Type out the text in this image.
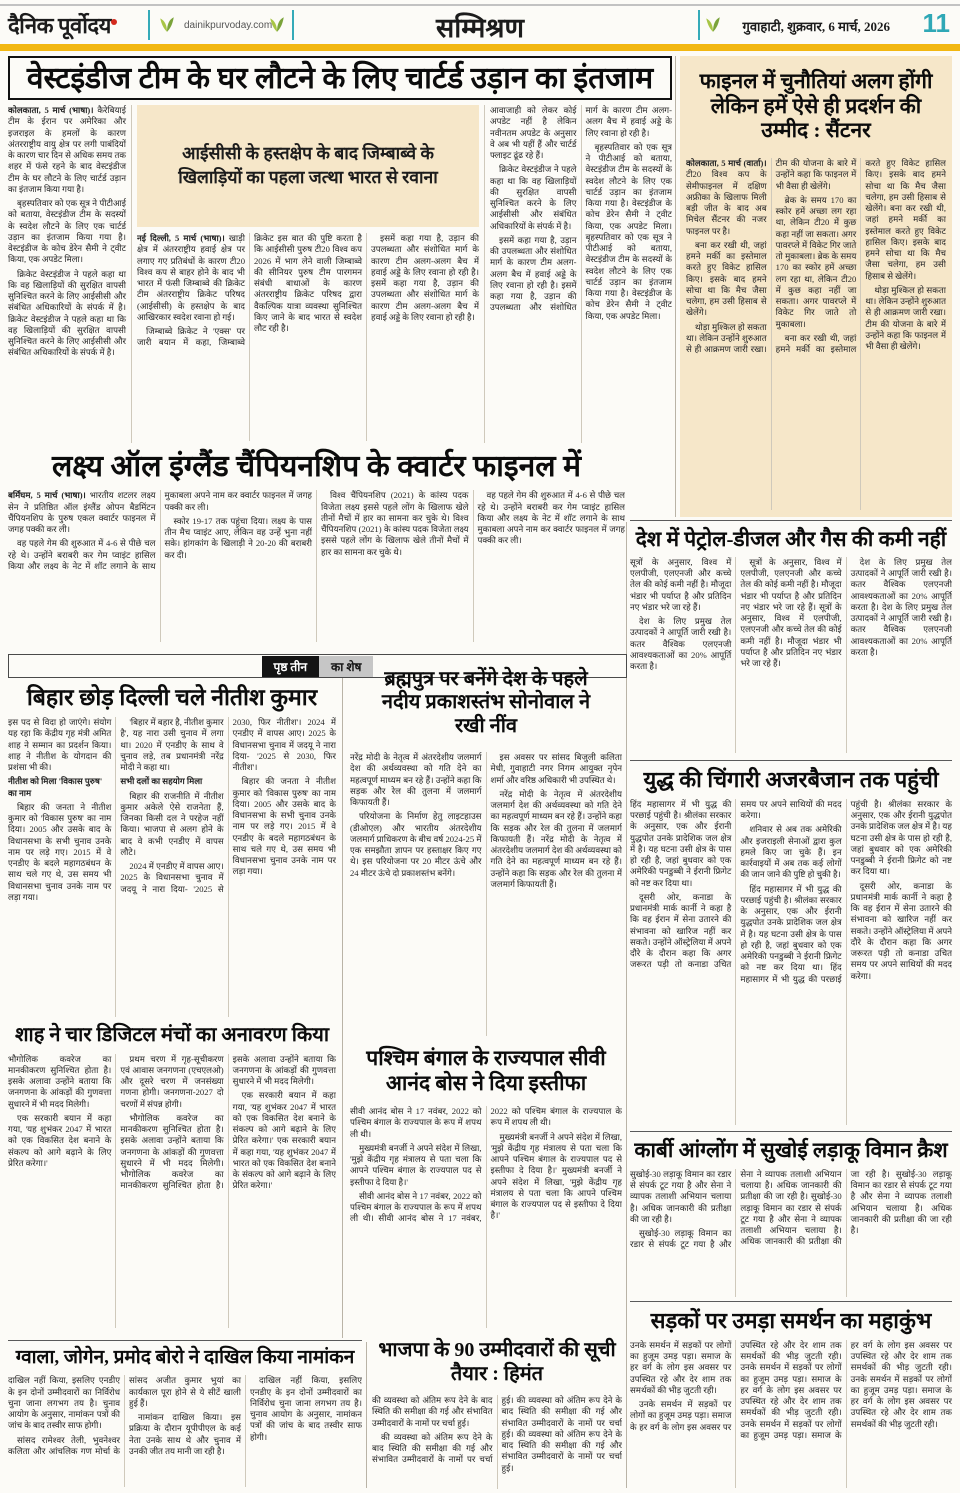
दैनिक पूर्वोदय	dainikpurvoday.com	सम्मिश्रण	गुवाहाटी, शुक्रवार, 6 मार्च, 2026 11
वेस्टइंडीज टीम के घर लौटने के लिए चार्टर्ड उड़ान का इंतजाम

कोलकाता, 5 मार्च (भाषा)। कैरेबियाई टीम के ईरान पर अमेरिका और इजराइल के हमलों के कारण अंतरराष्ट्रीय वायु क्षेत्र पर लगी पाबंदियों के कारण चार दिन से अधिक समय तक शहर में फंसे रहने के बाद वेस्टइंडीज टीम के घर लौटने के लिए चार्टर्ड उड़ान का इंतजाम किया गया है।

बृहस्पतिवार को एक सूत्र ने पीटीआई को बताया, वेस्टइंडीज टीम के सदस्यों के स्वदेश लौटने के लिए एक चार्टर्ड उड़ान का इंतजाम किया गया है। वेस्टइंडीज के कोच डेरेन सैमी ने ट्वीट किया, एक अपडेट मिला।

क्रिकेट वेस्टइंडीज ने पहले कहा था कि वह खिलाड़ियों की सुरक्षित वापसी सुनिश्चित करने के लिए आईसीसी और संबंधित अधिकारियों के संपर्क में है। क्रिकेट वेस्टइंडीज ने पहले कहा था कि वह खिलाड़ियों की सुरक्षित वापसी सुनिश्चित करने के लिए आईसीसी और संबंधित अधिकारियों के संपर्क में है।

आईसीसी के हस्तक्षेप के बाद जिम्बाब्वे के खिलाड़ियों का पहला जत्था भारत से रवाना

नई दिल्ली, 5 मार्च (भाषा)। खाड़ी क्षेत्र में अंतरराष्ट्रीय हवाई क्षेत्र पर लगाए गए प्रतिबंधों के कारण टी20 विश्व कप से बाहर होने के बाद भी भारत में फंसी जिम्बाब्वे की क्रिकेट टीम अंतरराष्ट्रीय क्रिकेट परिषद (आईसीसी) के हस्तक्षेप के बाद आखिरकार स्वदेश रवाना हो गई।

जिम्बाब्वे क्रिकेट ने 'एक्स' पर जारी बयान में कहा, जिम्बाब्वे क्रिकेट इस बात की पुष्टि करता है कि आईसीसी पुरुष टी20 विश्व कप 2026 में भाग लेने वाली जिम्बाब्वे की सीनियर पुरुष टीम पारगमन संबंधी बाधाओं के कारण अंतरराष्ट्रीय क्रिकेट परिषद द्वारा वैकल्पिक यात्रा व्यवस्था सुनिश्चित किए जाने के बाद भारत से स्वदेश लौट रही है।

इसमें कहा गया है, उड़ान की उपलब्धता और संशोधित मार्ग के कारण टीम अलग-अलग बैच में हवाई अड्डे के लिए रवाना हो रही है। इसमें कहा गया है, उड़ान की उपलब्धता और संशोधित मार्ग के कारण टीम अलग-अलग बैच में हवाई अड्डे के लिए रवाना हो रही है।

आवाजाही को लेकर कोई अपडेट नहीं है लेकिन नवीनतम अपडेट के अनुसार वे अब भी यहीं हैं और चार्टर्ड फ्लाइट ढूंढ रहे हैं।

क्रिकेट वेस्टइंडीज ने पहले कहा था कि वह खिलाड़ियों की सुरक्षित वापसी सुनिश्चित करने के लिए आईसीसी और संबंधित अधिकारियों के संपर्क में है।

इसमें कहा गया है, उड़ान की उपलब्धता और संशोधित मार्ग के कारण टीम अलग-अलग बैच में हवाई अड्डे के लिए रवाना हो रही है। इसमें कहा गया है, उड़ान की उपलब्धता और संशोधित मार्ग के कारण टीम अलग-अलग बैच में हवाई अड्डे के लिए रवाना हो रही है।

बृहस्पतिवार को एक सूत्र ने पीटीआई को बताया, वेस्टइंडीज टीम के सदस्यों के स्वदेश लौटने के लिए एक चार्टर्ड उड़ान का इंतजाम किया गया है। वेस्टइंडीज के कोच डेरेन सैमी ने ट्वीट किया, एक अपडेट मिला। बृहस्पतिवार को एक सूत्र ने पीटीआई को बताया, वेस्टइंडीज टीम के सदस्यों के स्वदेश लौटने के लिए एक चार्टर्ड उड़ान का इंतजाम किया गया है। वेस्टइंडीज के कोच डेरेन सैमी ने ट्वीट किया, एक अपडेट मिला।

फाइनल में चुनौतियां अलग होंगी लेकिन हमें ऐसे ही प्रदर्शन की उम्मीद : सैंटनर

कोलकाता, 5 मार्च (वार्ता)। टी20 विश्व कप के सेमीफाइनल में दक्षिण अफ्रीका के खिलाफ मिली बड़ी जीत के बाद अब मिचेल सैंटनर की नजर फाइनल पर है।

बना कर रखी थी, जहां हमने मर्की का इस्तेमाल करते हुए विकेट हासिल किए। इसके बाद हमने सोचा था कि मैच जैसा चलेगा, हम उसी हिसाब से खेलेंगे।

थोड़ा मुश्किल हो सकता था। लेकिन उन्होंने शुरुआत से ही आक्रमण जारी रखा। टीम की योजना के बारे में उन्होंने कहा कि फाइनल में भी वैसा ही खेलेंगे।

ब्रेक के समय 170 का स्कोर हमें अच्छा लग रहा था, लेकिन टी20 में कुछ कहा नहीं जा सकता। अगर पावरप्ले में विकेट गिर जाते तो मुकाबला। ब्रेक के समय 170 का स्कोर हमें अच्छा लग रहा था, लेकिन टी20 में कुछ कहा नहीं जा सकता। अगर पावरप्ले में विकेट गिर जाते तो मुकाबला।

बना कर रखी थी, जहां हमने मर्की का इस्तेमाल करते हुए विकेट हासिल किए। इसके बाद हमने सोचा था कि मैच जैसा चलेगा, हम उसी हिसाब से खेलेंगे। बना कर रखी थी, जहां हमने मर्की का इस्तेमाल करते हुए विकेट हासिल किए। इसके बाद हमने सोचा था कि मैच जैसा चलेगा, हम उसी हिसाब से खेलेंगे।

थोड़ा मुश्किल हो सकता था। लेकिन उन्होंने शुरुआत से ही आक्रमण जारी रखा। टीम की योजना के बारे में उन्होंने कहा कि फाइनल में भी वैसा ही खेलेंगे।

लक्ष्य ऑल इंग्लैंड चैंपियनशिप के क्वार्टर फाइनल में

बर्मिंघम, 5 मार्च (भाषा)। भारतीय शटलर लक्ष्य सेन ने प्रतिष्ठित ऑल इंग्लैंड ओपन बैडमिंटन चैंपियनशिप के पुरुष एकल क्वार्टर फाइनल में जगह पक्की कर ली।

वह पहले गेम की शुरुआत में 4-6 से पीछे चल रहे थे। उन्होंने बराबरी कर गेम प्वाइंट हासिल किया और लक्ष्य के नेट में शॉट लगाने के साथ मुकाबला अपने नाम कर क्वार्टर फाइनल में जगह पक्की कर ली।

स्कोर 19-17 तक पहुंचा दिया। लक्ष्य के पास तीन मैच प्वाइंट आए, लेकिन वह उन्हें भुना नहीं सके। हांगकांग के खिलाड़ी ने 20-20 की बराबरी कर दी।

विश्व चैंपियनशिप (2021) के कांस्य पदक विजेता लक्ष्य इससे पहले लोंग के खिलाफ खेले तीनों मैचों में हार का सामना कर चुके थे। विश्व चैंपियनशिप (2021) के कांस्य पदक विजेता लक्ष्य इससे पहले लोंग के खिलाफ खेले तीनों मैचों में हार का सामना कर चुके थे।

वह पहले गेम की शुरुआत में 4-6 से पीछे चल रहे थे। उन्होंने बराबरी कर गेम प्वाइंट हासिल किया और लक्ष्य के नेट में शॉट लगाने के साथ मुकाबला अपने नाम कर क्वार्टर फाइनल में जगह पक्की कर ली।	देश में पेट्रोल-डीजल और गैस की कमी नहीं

सूत्रों के अनुसार, विश्व में एलपीजी, एलएनजी और कच्चे तेल की कोई कमी नहीं है। मौजूदा भंडार भी पर्याप्त है और प्रतिदिन नए भंडार भरे जा रहे हैं।

देश के लिए प्रमुख तेल उत्पादकों ने आपूर्ति जारी रखी है। कतर वैश्विक एलएनजी आवश्यकताओं का 20% आपूर्ति करता है।

सूत्रों के अनुसार, विश्व में एलपीजी, एलएनजी और कच्चे तेल की कोई कमी नहीं है। मौजूदा भंडार भी पर्याप्त है और प्रतिदिन नए भंडार भरे जा रहे हैं। सूत्रों के अनुसार, विश्व में एलपीजी, एलएनजी और कच्चे तेल की कोई कमी नहीं है। मौजूदा भंडार भी पर्याप्त है और प्रतिदिन नए भंडार भरे जा रहे हैं।

देश के लिए प्रमुख तेल उत्पादकों ने आपूर्ति जारी रखी है। कतर वैश्विक एलएनजी आवश्यकताओं का 20% आपूर्ति करता है। देश के लिए प्रमुख तेल उत्पादकों ने आपूर्ति जारी रखी है। कतर वैश्विक एलएनजी आवश्यकताओं का 20% आपूर्ति करता है।

पृष्ठ तीन	का शेष
बिहार छोड़ दिल्ली चले नीतीश कुमार

इस पद से विदा हो जाएंगे। संयोग यह रहा कि केंद्रीय गृह मंत्री अमित शाह ने सम्मान का प्रदर्शन किया। शाह ने नीतीश के योगदान की प्रशंसा भी की।

नीतीश को मिला 'विकास पुरुष' का नाम

बिहार की जनता ने नीतीश कुमार को 'विकास पुरुष' का नाम दिया। 2005 और उसके बाद के विधानसभा के सभी चुनाव उनके नाम पर लड़े गए। 2015 में वे एनडीए के बदले महागठबंधन के साथ चले गए थे, उस समय भी विधानसभा चुनाव उनके नाम पर लड़ा गया।

'बिहार में बहार है, नीतीश कुमार है', यह नारा उसी चुनाव में लगा था। 2020 में एनडीए के साथ वे चुनाव लड़े, तब प्रधानमंत्री नरेंद्र मोदी ने कहा था।

सभी दलों का सहयोग मिला

बिहार की राजनीति में नीतीश कुमार अकेले ऐसे राजनेता हैं, जिनका किसी दल ने परहेज नहीं किया। भाजपा से अलग होने के बाद वे कभी एनडीए में वापस लौटे।

2024 में एनडीए में वापस आए। 2025 के विधानसभा चुनाव में जदयू ने नारा दिया- '2025 से 2030, फिर नीतीश'। 2024 में एनडीए में वापस आए। 2025 के विधानसभा चुनाव में जदयू ने नारा दिया- '2025 से 2030, फिर नीतीश'।

बिहार की जनता ने नीतीश कुमार को 'विकास पुरुष' का नाम दिया। 2005 और उसके बाद के विधानसभा के सभी चुनाव उनके नाम पर लड़े गए। 2015 में वे एनडीए के बदले महागठबंधन के साथ चले गए थे, उस समय भी विधानसभा चुनाव उनके नाम पर लड़ा गया।

ब्रह्मपुत्र पर बनेंगे देश के पहले नदीय प्रकाशस्तंभ सोनोवाल ने रखी नींव

नरेंद्र मोदी के नेतृत्व में अंतरदेशीय जलमार्ग देश की अर्थव्यवस्था को गति देने का महत्वपूर्ण माध्यम बन रहे हैं। उन्होंने कहा कि सड़क और रेल की तुलना में जलमार्ग किफायती हैं।

परियोजना के निर्माण हेतु लाइटहाउस (डीओएल) और भारतीय अंतरदेशीय जलमार्ग प्राधिकरण के बीच वर्ष 2024-25 में एक समझौता ज्ञापन पर हस्ताक्षर किए गए थे। इस परियोजना पर 20 मीटर ऊंचे और 24 मीटर ऊंचे दो प्रकाशस्तंभ बनेंगे।

इस अवसर पर सांसद बिजुली कलिता मेधी, गुवाहाटी नगर निगम आयुक्त नृपेन शर्मा और वरिष्ठ अधिकारी भी उपस्थित थे।

नरेंद्र मोदी के नेतृत्व में अंतरदेशीय जलमार्ग देश की अर्थव्यवस्था को गति देने का महत्वपूर्ण माध्यम बन रहे हैं। उन्होंने कहा कि सड़क और रेल की तुलना में जलमार्ग किफायती हैं। नरेंद्र मोदी के नेतृत्व में अंतरदेशीय जलमार्ग देश की अर्थव्यवस्था को गति देने का महत्वपूर्ण माध्यम बन रहे हैं। उन्होंने कहा कि सड़क और रेल की तुलना में जलमार्ग किफायती हैं।

युद्ध की चिंगारी अजरबैजान तक पहुंची

हिंद महासागर में भी युद्ध की परछाई पहुंची है। श्रीलंका सरकार के अनुसार, एक और ईरानी युद्धपोत उनके प्रादेशिक जल क्षेत्र में है। यह घटना उसी क्षेत्र के पास हो रही है, जहां बुधवार को एक अमेरिकी पनडुब्बी ने ईरानी फ्रिगेट को नष्ट कर दिया था।

दूसरी ओर, कनाडा के प्रधानमंत्री मार्क कार्नी ने कहा है कि वह ईरान में सेना उतारने की संभावना को खारिज नहीं कर सकते। उन्होंने ऑस्ट्रेलिया में अपने दौरे के दौरान कहा कि अगर जरूरत पड़ी तो कनाडा उचित समय पर अपने साथियों की मदद करेगा।

शनिवार से अब तक अमेरिकी और इजराइली सेनाओं द्वारा कुल हमले किए जा चुके हैं। इन कार्रवाइयों में अब तक कई लोगों की जान जाने की पुष्टि हो चुकी है।

हिंद महासागर में भी युद्ध की परछाई पहुंची है। श्रीलंका सरकार के अनुसार, एक और ईरानी युद्धपोत उनके प्रादेशिक जल क्षेत्र में है। यह घटना उसी क्षेत्र के पास हो रही है, जहां बुधवार को एक अमेरिकी पनडुब्बी ने ईरानी फ्रिगेट को नष्ट कर दिया था। हिंद महासागर में भी युद्ध की परछाई पहुंची है। श्रीलंका सरकार के अनुसार, एक और ईरानी युद्धपोत उनके प्रादेशिक जल क्षेत्र में है। यह घटना उसी क्षेत्र के पास हो रही है, जहां बुधवार को एक अमेरिकी पनडुब्बी ने ईरानी फ्रिगेट को नष्ट कर दिया था।

दूसरी ओर, कनाडा के प्रधानमंत्री मार्क कार्नी ने कहा है कि वह ईरान में सेना उतारने की संभावना को खारिज नहीं कर सकते। उन्होंने ऑस्ट्रेलिया में अपने दौरे के दौरान कहा कि अगर जरूरत पड़ी तो कनाडा उचित समय पर अपने साथियों की मदद करेगा।

शाह ने चार डिजिटल मंचों का अनावरण किया

भौगोलिक कवरेज का मानकीकरण सुनिश्चित होता है। इसके अलावा उन्होंने बताया कि जनगणना के आंकड़ों की गुणवत्ता सुधारने में भी मदद मिलेगी।

एक सरकारी बयान में कहा गया, 'यह शुभंकर 2047 में भारत को एक विकसित देश बनाने के संकल्प को आगे बढ़ाने के लिए प्रेरित करेगा।'

प्रथम चरण में गृह-सूचीकरण एवं आवास जनगणना (एचएलओ) और दूसरे चरण में जनसंख्या गणना होगी। जनगणना-2027 दो चरणों में संपन्न होगी।

भौगोलिक कवरेज का मानकीकरण सुनिश्चित होता है। इसके अलावा उन्होंने बताया कि जनगणना के आंकड़ों की गुणवत्ता सुधारने में भी मदद मिलेगी। भौगोलिक कवरेज का मानकीकरण सुनिश्चित होता है। इसके अलावा उन्होंने बताया कि जनगणना के आंकड़ों की गुणवत्ता सुधारने में भी मदद मिलेगी।

एक सरकारी बयान में कहा गया, 'यह शुभंकर 2047 में भारत को एक विकसित देश बनाने के संकल्प को आगे बढ़ाने के लिए प्रेरित करेगा।' एक सरकारी बयान में कहा गया, 'यह शुभंकर 2047 में भारत को एक विकसित देश बनाने के संकल्प को आगे बढ़ाने के लिए प्रेरित करेगा।'

पश्चिम बंगाल के राज्यपाल सीवी आनंद बोस ने दिया इस्तीफा

सीवी आनंद बोस ने 17 नवंबर, 2022 को पश्चिम बंगाल के राज्यपाल के रूप में शपथ ली थी।

मुख्यमंत्री बनर्जी ने अपने संदेश में लिखा, 'मुझे केंद्रीय गृह मंत्रालय से पता चला कि आपने पश्चिम बंगाल के राज्यपाल पद से इस्तीफा दे दिया है।'

सीवी आनंद बोस ने 17 नवंबर, 2022 को पश्चिम बंगाल के राज्यपाल के रूप में शपथ ली थी। सीवी आनंद बोस ने 17 नवंबर, 2022 को पश्चिम बंगाल के राज्यपाल के रूप में शपथ ली थी।

मुख्यमंत्री बनर्जी ने अपने संदेश में लिखा, 'मुझे केंद्रीय गृह मंत्रालय से पता चला कि आपने पश्चिम बंगाल के राज्यपाल पद से इस्तीफा दे दिया है।' मुख्यमंत्री बनर्जी ने अपने संदेश में लिखा, 'मुझे केंद्रीय गृह मंत्रालय से पता चला कि आपने पश्चिम बंगाल के राज्यपाल पद से इस्तीफा दे दिया है।'

कार्बी आंग्लोंग में सुखोई लड़ाकू विमान क्रैश

सुखोई-30 लड़ाकू विमान का रडार से संपर्क टूट गया है और सेना ने व्यापक तलाशी अभियान चलाया है। अधिक जानकारी की प्रतीक्षा की जा रही है।

सुखोई-30 लड़ाकू विमान का रडार से संपर्क टूट गया है और सेना ने व्यापक तलाशी अभियान चलाया है। अधिक जानकारी की प्रतीक्षा की जा रही है। सुखोई-30 लड़ाकू विमान का रडार से संपर्क टूट गया है और सेना ने व्यापक तलाशी अभियान चलाया है। अधिक जानकारी की प्रतीक्षा की जा रही है। सुखोई-30 लड़ाकू विमान का रडार से संपर्क टूट गया है और सेना ने व्यापक तलाशी अभियान चलाया है। अधिक जानकारी की प्रतीक्षा की जा रही है।

सड़कों पर उमड़ा समर्थन का महाकुंभ

उनके समर्थन में सड़कों पर लोगों का हुजूम उमड़ पड़ा। समाज के हर वर्ग के लोग इस अवसर पर उपस्थित रहे और देर शाम तक समर्थकों की भीड़ जुटती रही।

उनके समर्थन में सड़कों पर लोगों का हुजूम उमड़ पड़ा। समाज के हर वर्ग के लोग इस अवसर पर उपस्थित रहे और देर शाम तक समर्थकों की भीड़ जुटती रही। उनके समर्थन में सड़कों पर लोगों का हुजूम उमड़ पड़ा। समाज के हर वर्ग के लोग इस अवसर पर उपस्थित रहे और देर शाम तक समर्थकों की भीड़ जुटती रही। उनके समर्थन में सड़कों पर लोगों का हुजूम उमड़ पड़ा। समाज के हर वर्ग के लोग इस अवसर पर उपस्थित रहे और देर शाम तक समर्थकों की भीड़ जुटती रही। उनके समर्थन में सड़कों पर लोगों का हुजूम उमड़ पड़ा। समाज के हर वर्ग के लोग इस अवसर पर उपस्थित रहे और देर शाम तक समर्थकों की भीड़ जुटती रही।

ग्वाला, जोगेन, प्रमोद बोरो ने दाखिल किया नामांकन

दाखिल नहीं किया, इसलिए एनडीए के इन दोनों उम्मीदवारों का निर्विरोध चुना जाना लगभग तय है। चुनाव आयोग के अनुसार, नामांकन पत्रों की जांच के बाद तस्वीर साफ होगी।

सांसद रामेश्वर तेली, भुवनेश्वर कलिता और आंचलिक गण मोर्चा के सांसद अजीत कुमार भुयां का कार्यकाल पूरा होने से ये सीटें खाली हुई हैं।

नामांकन दाखिल किया। इस प्रक्रिया के दौरान यूपीपीएल के कई नेता उनके साथ थे और चुनाव में उनकी जीत तय मानी जा रही है।

दाखिल नहीं किया, इसलिए एनडीए के इन दोनों उम्मीदवारों का निर्विरोध चुना जाना लगभग तय है। चुनाव आयोग के अनुसार, नामांकन पत्रों की जांच के बाद तस्वीर साफ होगी।

भाजपा के 90 उम्मीदवारों की सूची तैयार : हिमंत

की व्यवस्था को अंतिम रूप देने के बाद स्थिति की समीक्षा की गई और संभावित उम्मीदवारों के नामों पर चर्चा हुई।

की व्यवस्था को अंतिम रूप देने के बाद स्थिति की समीक्षा की गई और संभावित उम्मीदवारों के नामों पर चर्चा हुई। की व्यवस्था को अंतिम रूप देने के बाद स्थिति की समीक्षा की गई और संभावित उम्मीदवारों के नामों पर चर्चा हुई। की व्यवस्था को अंतिम रूप देने के बाद स्थिति की समीक्षा की गई और संभावित उम्मीदवारों के नामों पर चर्चा हुई।
